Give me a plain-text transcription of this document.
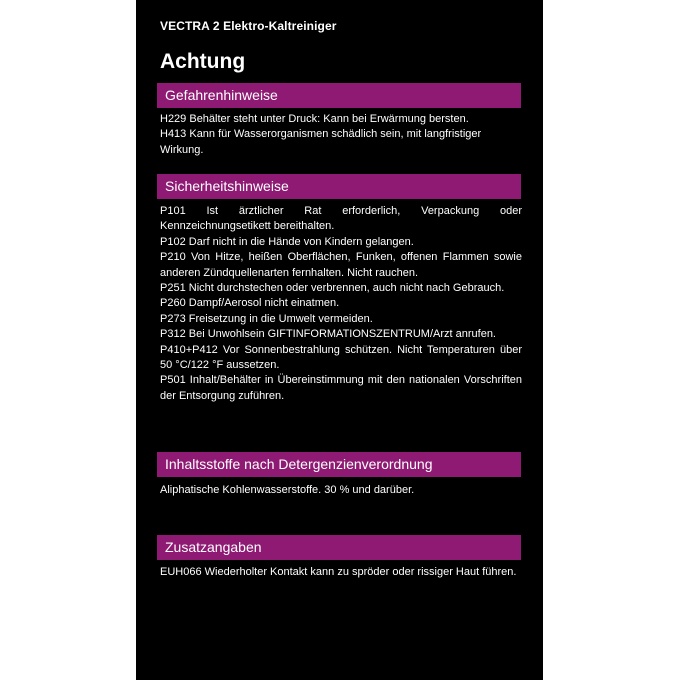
VECTRA 2 Elektro-Kaltreiniger
Achtung
Gefahrenhinweise
H229 Behälter steht unter Druck: Kann bei Erwärmung bersten.
H413 Kann für Wasserorganismen schädlich sein, mit langfristiger Wirkung.
Sicherheitshinweise
P101 Ist ärztlicher Rat erforderlich, Verpackung oder Kennzeichnungsetikett bereithalten.
P102 Darf nicht in die Hände von Kindern gelangen.
P210 Von Hitze, heißen Oberflächen, Funken, offenen Flammen sowie anderen Zündquellenarten fernhalten. Nicht rauchen.
P251 Nicht durchstechen oder verbrennen, auch nicht nach Gebrauch.
P260 Dampf/Aerosol nicht einatmen.
P273 Freisetzung in die Umwelt vermeiden.
P312 Bei Unwohlsein GIFTINFORMATIONSZENTRUM/Arzt anrufen.
P410+P412 Vor Sonnenbestrahlung schützen. Nicht Temperaturen über 50 °C/122 °F aussetzen.
P501 Inhalt/Behälter in Übereinstimmung mit den nationalen Vorschriften der Entsorgung zuführen.
Inhaltsstoffe nach Detergenzienverordnung
Aliphatische Kohlenwasserstoffe. 30 % und darüber.
Zusatzangaben
EUH066 Wiederholter Kontakt kann zu spröder oder rissiger Haut führen.
